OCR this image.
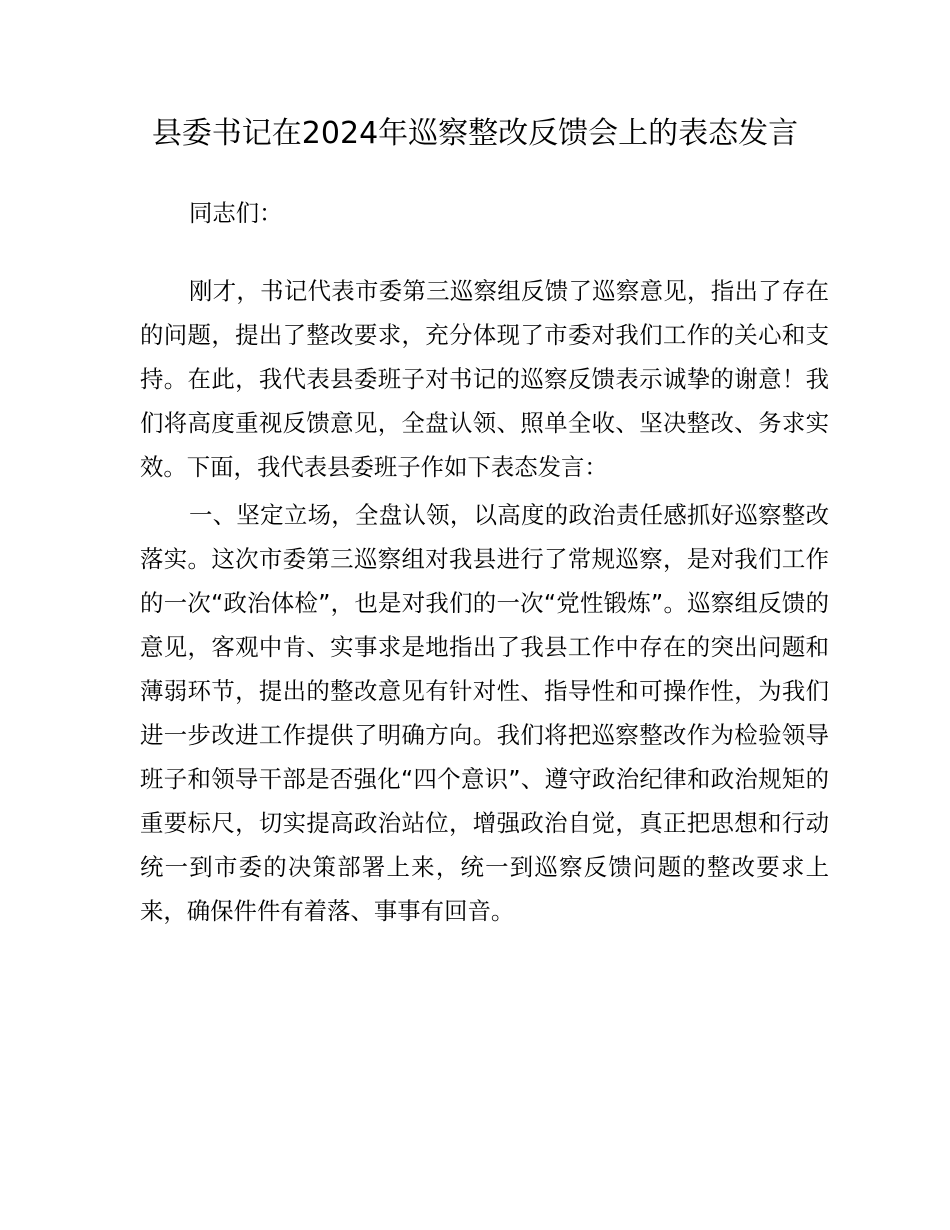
县委书记在2024年巡察整改反馈会上的表态发言

同志们：

刚才，书记代表市委第三巡察组反馈了巡察意见，指出了存在的问题，提出了整改要求，充分体现了市委对我们工作的关心和支持。在此，我代表县委班子对书记的巡察反馈表示诚挚的谢意！我们将高度重视反馈意见，全盘认领、照单全收、坚决整改、务求实效。下面，我代表县委班子作如下表态发言：

一、坚定立场，全盘认领，以高度的政治责任感抓好巡察整改落实。这次市委第三巡察组对我县进行了常规巡察，是对我们工作的一次“政治体检”，也是对我们的一次“党性锻炼”。巡察组反馈的意见，客观中肯、实事求是地指出了我县工作中存在的突出问题和薄弱环节，提出的整改意见有针对性、指导性和可操作性，为我们进一步改进工作提供了明确方向。我们将把巡察整改作为检验领导班子和领导干部是否强化“四个意识”、遵守政治纪律和政治规矩的重要标尺，切实提高政治站位，增强政治自觉，真正把思想和行动统一到市委的决策部署上来，统一到巡察反馈问题的整改要求上来，确保件件有着落、事事有回音。
